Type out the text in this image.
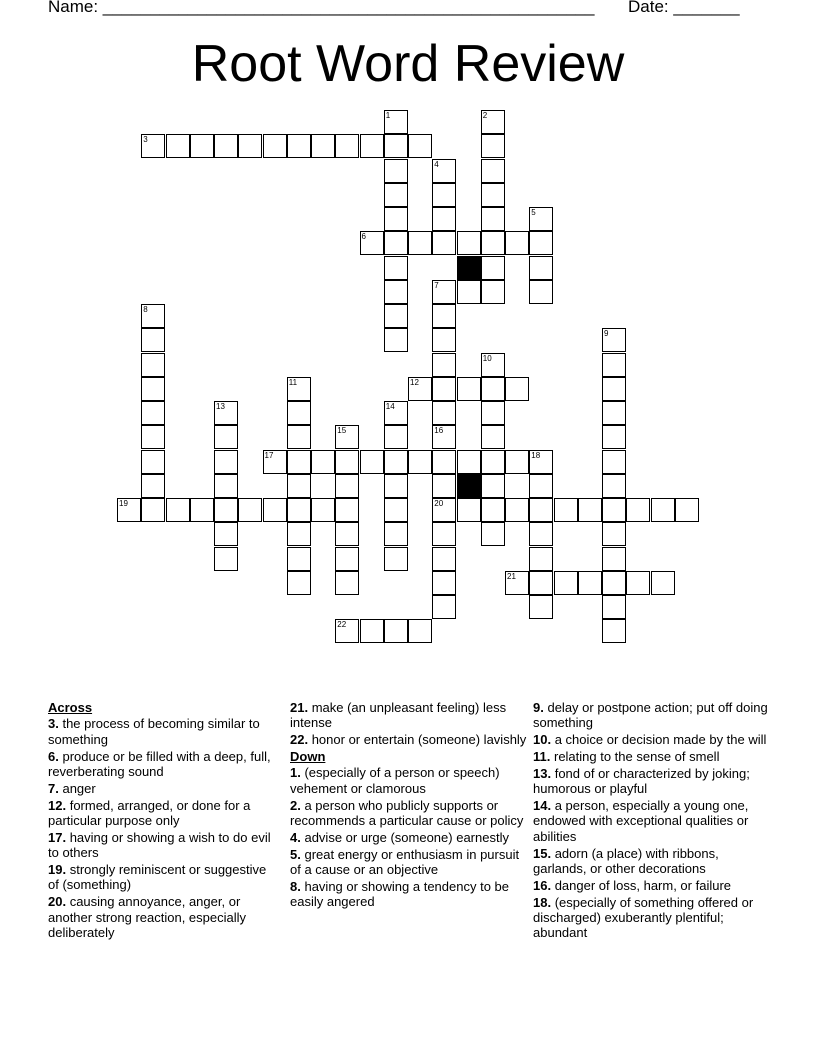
Name: ____________________________________________________ Date: _______
Root Word Review
3
6
7
12
17	18
19	20
21
22
1	2
4
5
16
8
9
10
11
13	14
15
Across
3. the process of becoming similar to something
6. produce or be filled with a deep, full, reverberating sound
7. anger
12. formed, arranged, or done for a particular purpose only
17. having or showing a wish to do evil to others
19. strongly reminiscent or suggestive of (something)
20. causing annoyance, anger, or another strong reaction, especially deliberately
21. make (an unpleasant feeling) less intense
22. honor or entertain (someone) lavishly
Down
1. (especially of a person or speech) vehement or clamorous
2. a person who publicly supports or recommends a particular cause or policy
4. advise or urge (someone) earnestly
5. great energy or enthusiasm in pursuit of a cause or an objective
8. having or showing a tendency to be easily angered
9. delay or postpone action; put off doing something
10. a choice or decision made by the will
11. relating to the sense of smell
13. fond of or characterized by joking; humorous or playful
14. a person, especially a young one, endowed with exceptional qualities or abilities
15. adorn (a place) with ribbons, garlands, or other decorations
16. danger of loss, harm, or failure
18. (especially of something offered or discharged) exuberantly plentiful; abundant
